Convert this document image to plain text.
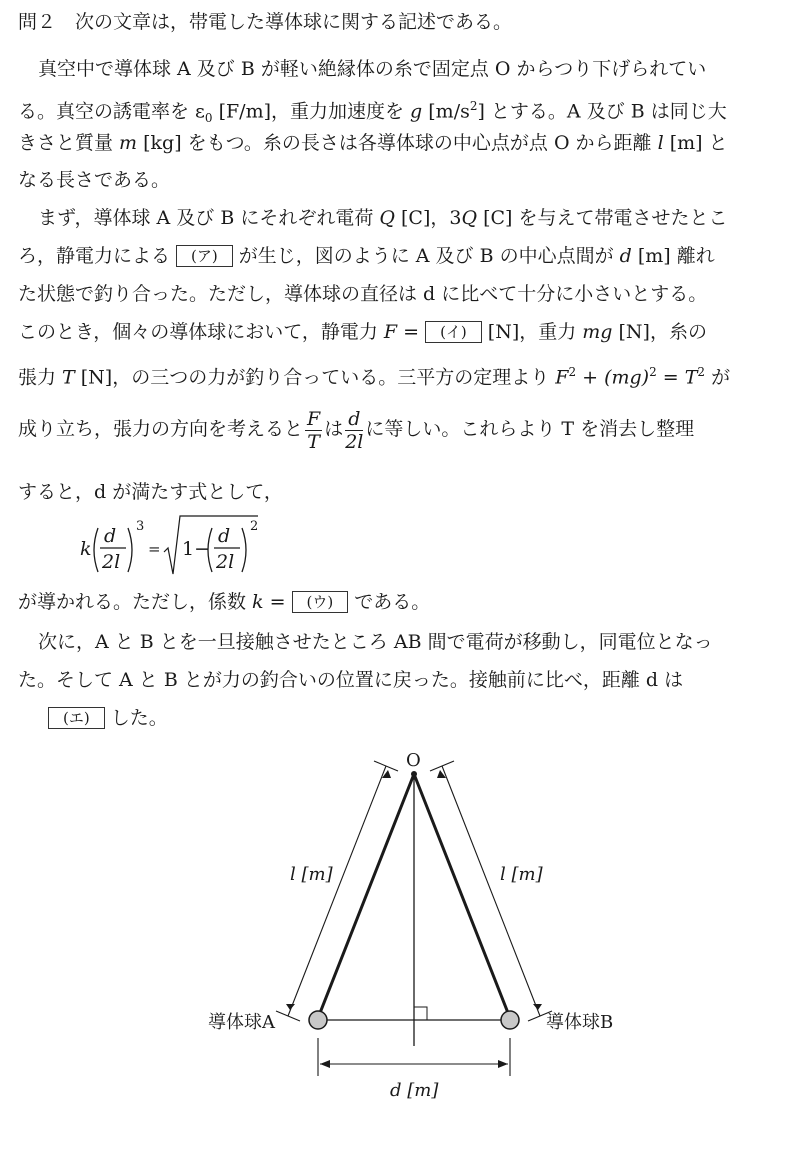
問２　次の文章は，帯電した導体球に関する記述である。
真空中で導体球 A 及び B が軽い絶縁体の糸で固定点 O からつり下げられてい
る。真空の誘電率を $\varepsilon_0$ [F/m]，重力加速度を g $[m/s^2]$ とする。A 及び B は同じ大
きさと質量 m [kg] をもつ。糸の長さは各導体球の中心点が点 O から距離 l [m] と
なる長さである。
まず，導体球 A 及び B にそれぞれ電荷 Q [C]，3Q [C] を与えて帯電させたとこ
ろ，静電力による (ア) が生じ，図のように A 及び B の中心点間が d [m] 離れ
た状態で釣り合った。ただし，導体球の直径は d に比べて十分に小さいとする。
このとき，個々の導体球において，静電力 F = (イ) [N]，重力 mg [N]，糸の
張力 T [N]，の三つの力が釣り合っている。三平方の定理より $F^2 + (mg)^2 = T^2$ が
成り立ち，張力の方向を考えると $\frac{F}{T}$ は $\frac{d}{2l}$ に等しい。これらより T を消去し整理
すると，d が満たす式として，
k
d
2l
3
= 1−
d
2l
2
が導かれる。ただし，係数 k = (ウ) である。
次に，A と B とを一旦接触させたところ AB 間で電荷が移動し，同電位となっ
た。そして A と B とが力の釣合いの位置に戻った。接触前に比べ，距離 d は
(エ) した。
O
l [m]	l [m]
導体球A	導体球B
d [m]
